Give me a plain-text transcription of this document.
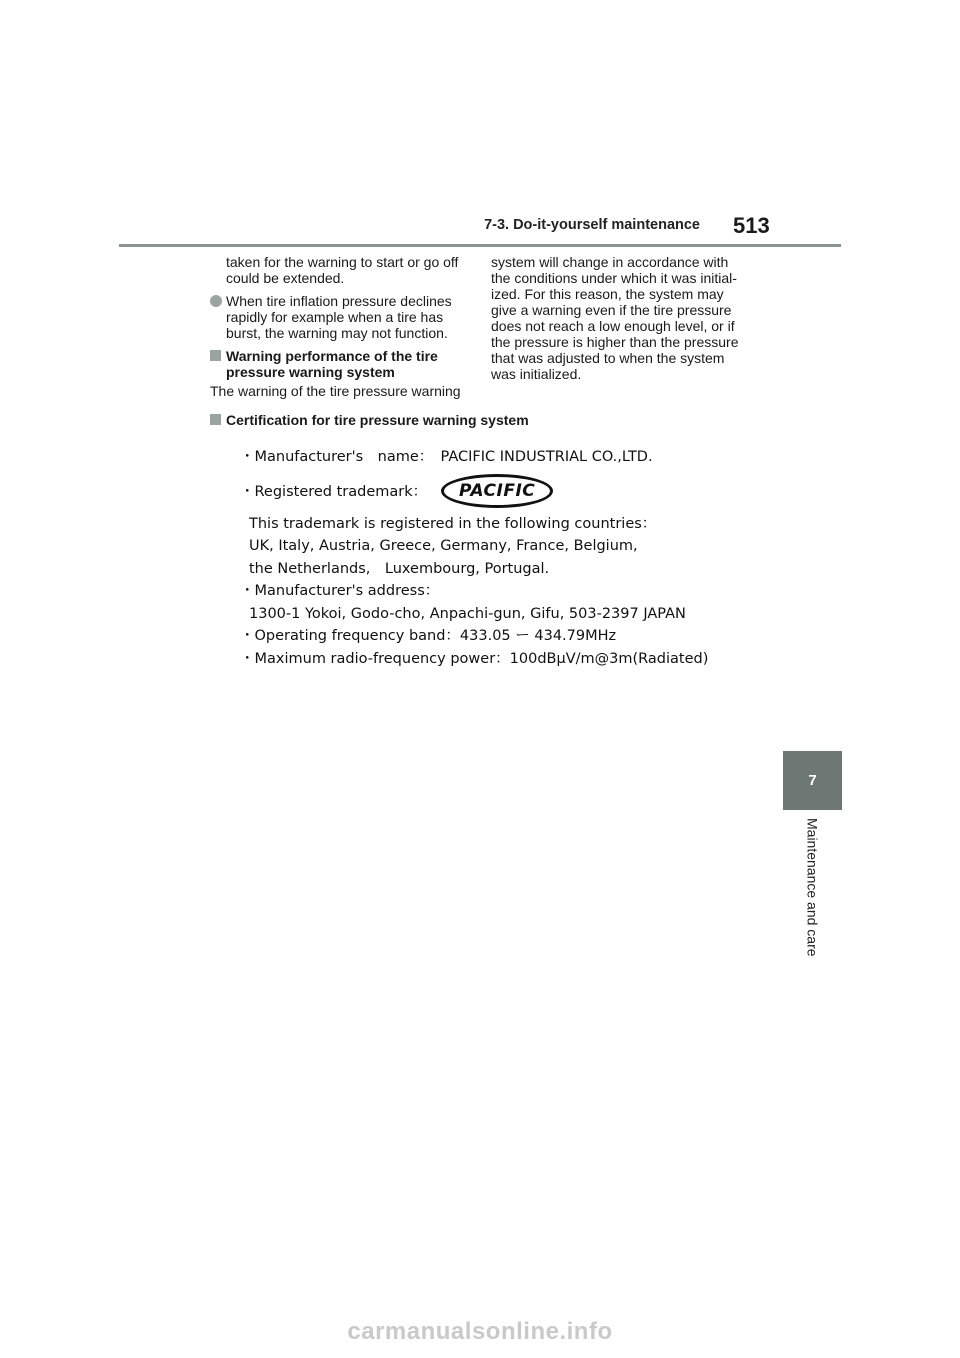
7-3. Do-it-yourself maintenance 513

taken for the warning to start or go off

could be extended.

When tire inflation pressure declines

rapidly for example when a tire has

burst, the warning may not function.

Warning performance of the tire

pressure warning system

The warning of the tire pressure warning

system will change in accordance with

the conditions under which it was initial-

ized. For this reason, the system may

give a warning even if the tire pressure

does not reach a low enough level, or if

the pressure is higher than the pressure

that was adjusted to when the system

was initialized.

Certification for tire pressure warning system
・Manufacturer's　name：　PACIFIC INDUSTRIAL CO.,LTD.
・Registered trademark： PACIFIC
This trademark is registered in the following countries：
UK, Italy, Austria, Greece, Germany, France, Belgium,
the Netherlands,　Luxembourg, Portugal.
・Manufacturer's address：
1300-1 Yokoi, Godo-cho, Anpachi-gun, Gifu, 503-2397 JAPAN
・Operating frequency band：433.05 ー 434.79MHz
・Maximum radio-frequency power：100dBμV/m@3m(Radiated)
7
Maintenance and care
carmanualsonline.info
